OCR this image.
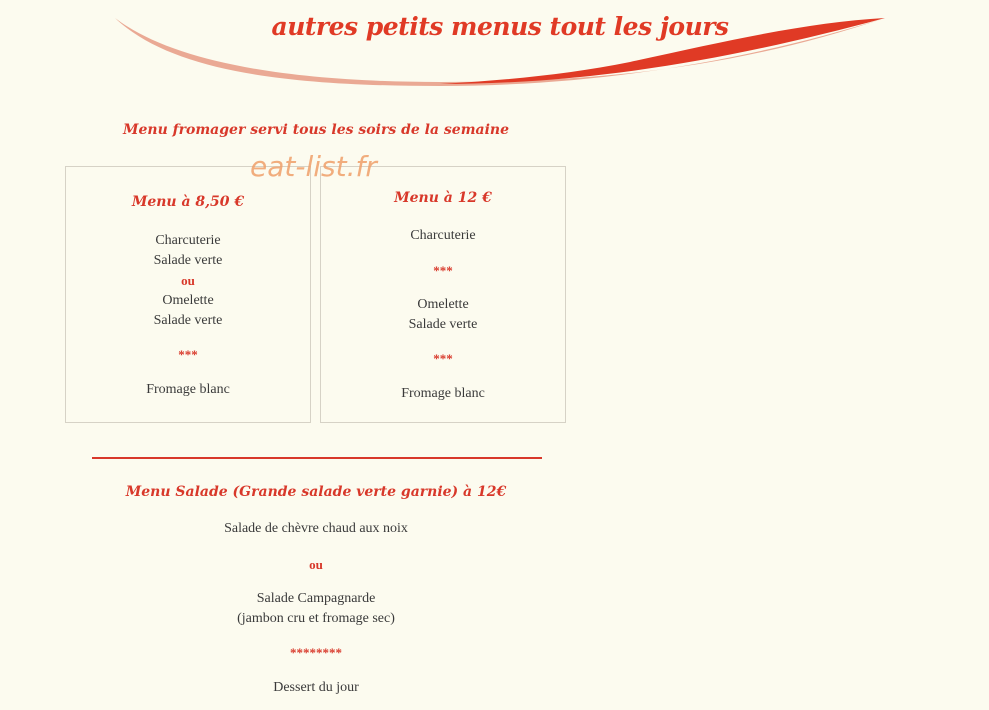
autres petits menus tout les jours
Menu fromager servi tous les soirs de la semaine
Menu à 8,50 €
Charcuterie
Salade verte
ou
Omelette
Salade verte
***
Fromage blanc
Menu à 12 €
Charcuterie
***
Omelette
Salade verte
***
Fromage blanc
eat-list.fr
Menu Salade (Grande salade verte garnie) à 12€
Salade de chèvre chaud aux noix
ou
Salade Campagnarde
(jambon cru et fromage sec)
********
Dessert du jour
